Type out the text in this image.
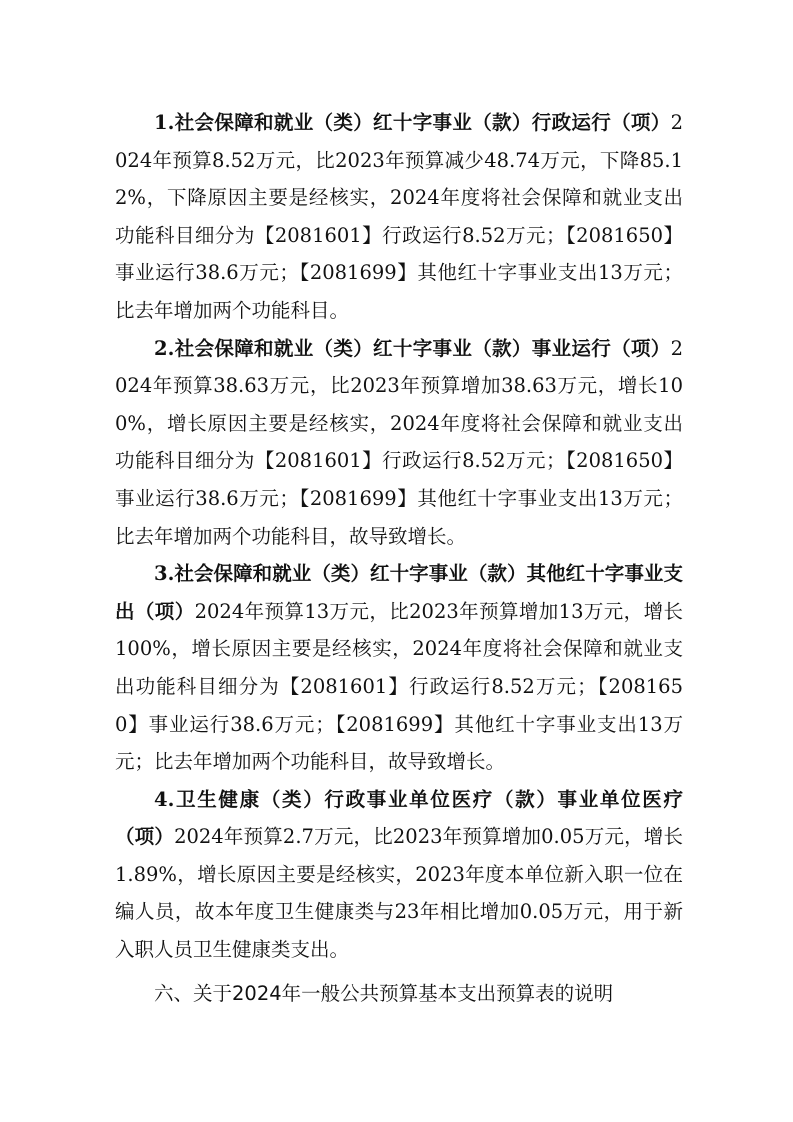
1.社会保障和就业（类）红十字事业（款）行政运行（项）2024年预算8.52万元，比2023年预算减少48.74万元，下降85.12%，下降原因主要是经核实，2024年度将社会保障和就业支出功能科目细分为【2081601】行政运行8.52万元；【2081650】事业运行38.6万元；【2081699】其他红十字事业支出13万元；比去年增加两个功能科目。

2.社会保障和就业（类）红十字事业（款）事业运行（项）2024年预算38.63万元，比2023年预算增加38.63万元，增长100%，增长原因主要是经核实，2024年度将社会保障和就业支出功能科目细分为【2081601】行政运行8.52万元；【2081650】事业运行38.6万元；【2081699】其他红十字事业支出13万元；比去年增加两个功能科目，故导致增长。

3.社会保障和就业（类）红十字事业（款）其他红十字事业支出（项）2024年预算13万元，比2023年预算增加13万元，增长100%，增长原因主要是经核实，2024年度将社会保障和就业支出功能科目细分为【2081601】行政运行8.52万元；【2081650】事业运行38.6万元；【2081699】其他红十字事业支出13万元；比去年增加两个功能科目，故导致增长。

4.卫生健康（类）行政事业单位医疗（款）事业单位医疗（项）2024年预算2.7万元，比2023年预算增加0.05万元，增长1.89%，增长原因主要是经核实，2023年度本单位新入职一位在编人员，故本年度卫生健康类与23年相比增加0.05万元，用于新入职人员卫生健康类支出。

六、关于2024年一般公共预算基本支出预算表的说明
